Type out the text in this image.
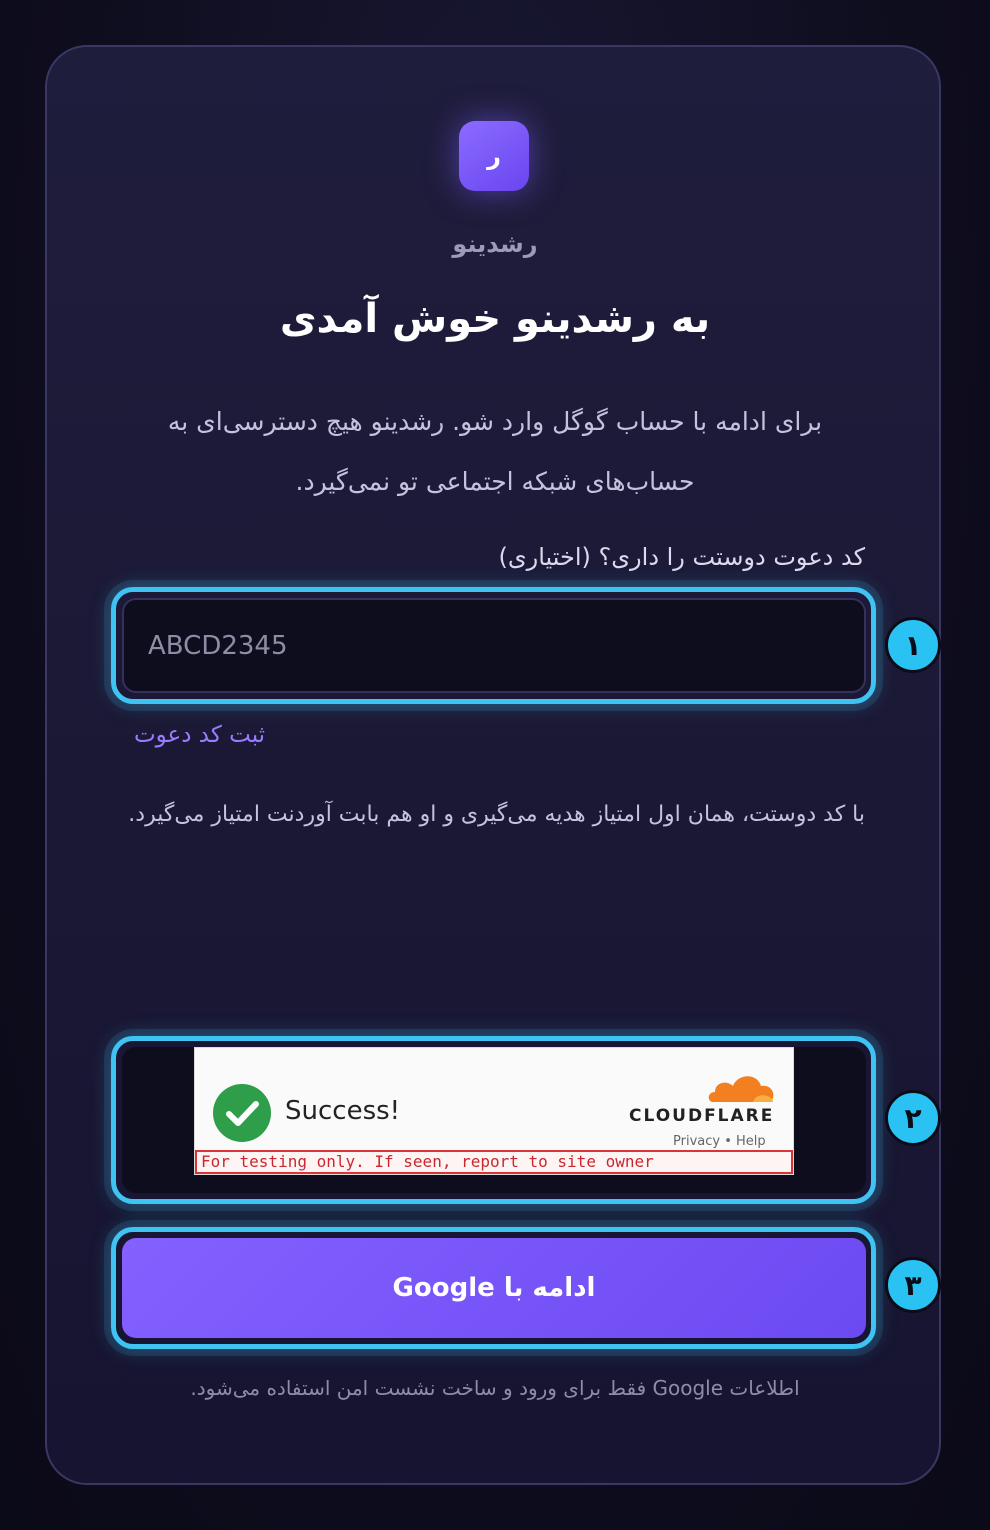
ر
رشدینو
به رشدینو خوش آمدی
برای ادامه با حساب گوگل وارد شو. رشدینو هیچ دسترسی‌ای به حساب‌های شبکه اجتماعی تو نمی‌گیرد.
کد دعوت دوستت را داری؟ (اختیاری)
ABCD2345
ثبت کد دعوت
با کد دوستت، همان اول امتیاز هدیه می‌گیری و او هم بابت آوردنت امتیاز می‌گیرد.
Success!	CLOUDFLARE
Privacy • Help
For testing only. If seen, report to site owner
ادامه با Google
اطلاعات Google فقط برای ورود و ساخت نشست امن استفاده می‌شود.
۱
۲
۳
